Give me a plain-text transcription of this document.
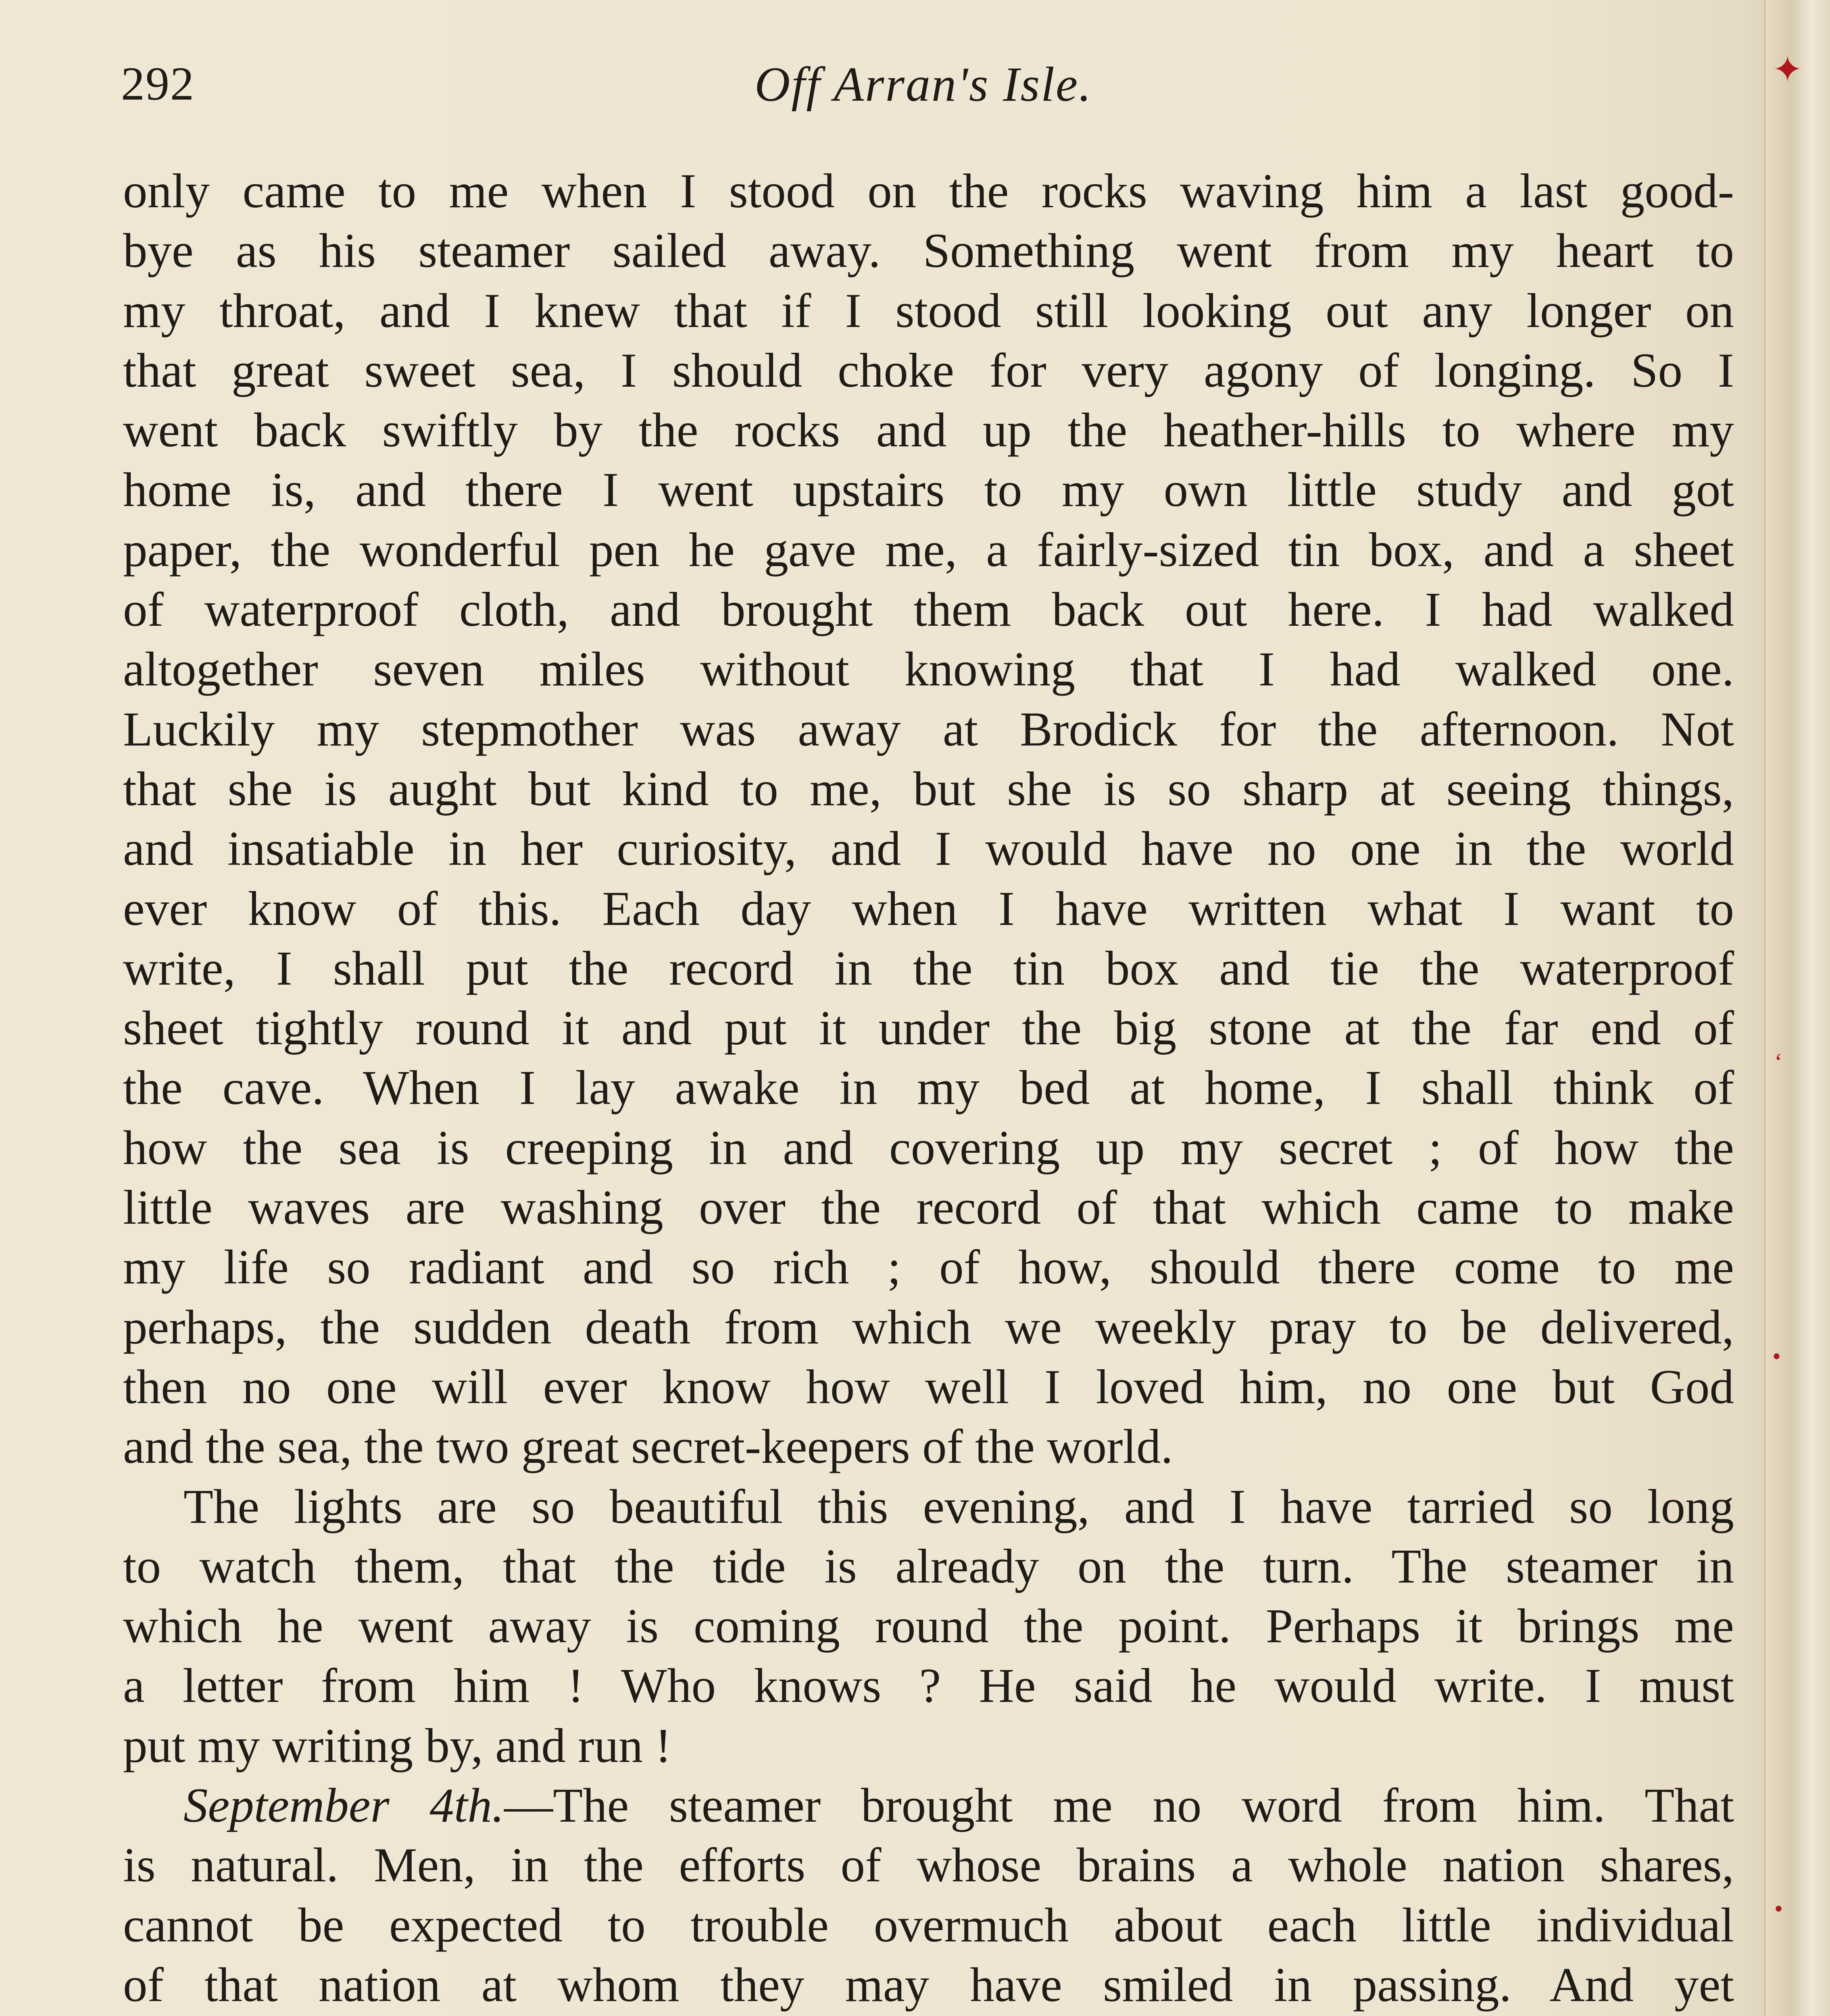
292	Off Arran's Isle.
only came to me when I stood on the rocks waving him a last good-
bye as his steamer sailed away. Something went from my heart to
my throat, and I knew that if I stood still looking out any longer on
that great sweet sea, I should choke for very agony of longing. So I
went back swiftly by the rocks and up the heather-hills to where my
home is, and there I went upstairs to my own little study and got
paper, the wonderful pen he gave me, a fairly-sized tin box, and a sheet
of waterproof cloth, and brought them back out here. I had walked
altogether seven miles without knowing that I had walked one.
Luckily my stepmother was away at Brodick for the afternoon. Not
that she is aught but kind to me, but she is so sharp at seeing things,
and insatiable in her curiosity, and I would have no one in the world
ever know of this. Each day when I have written what I want to
write, I shall put the record in the tin box and tie the waterproof
sheet tightly round it and put it under the big stone at the far end of
the cave. When I lay awake in my bed at home, I shall think of
how the sea is creeping in and covering up my secret ; of how the
little waves are washing over the record of that which came to make
my life so radiant and so rich ; of how, should there come to me
perhaps, the sudden death from which we weekly pray to be delivered,
then no one will ever know how well I loved him, no one but God
and the sea, the two great secret-keepers of the world.
The lights are so beautiful this evening, and I have tarried so long
to watch them, that the tide is already on the turn. The steamer in
which he went away is coming round the point. Perhaps it brings me
a letter from him ! Who knows ? He said he would write. I must
put my writing by, and run !
September 4th.—The steamer brought me no word from him. That
is natural. Men, in the efforts of whose brains a whole nation shares,
cannot be expected to trouble overmuch about each little individual
of that nation at whom they may have smiled in passing. And yet
✦
‘
•
•
